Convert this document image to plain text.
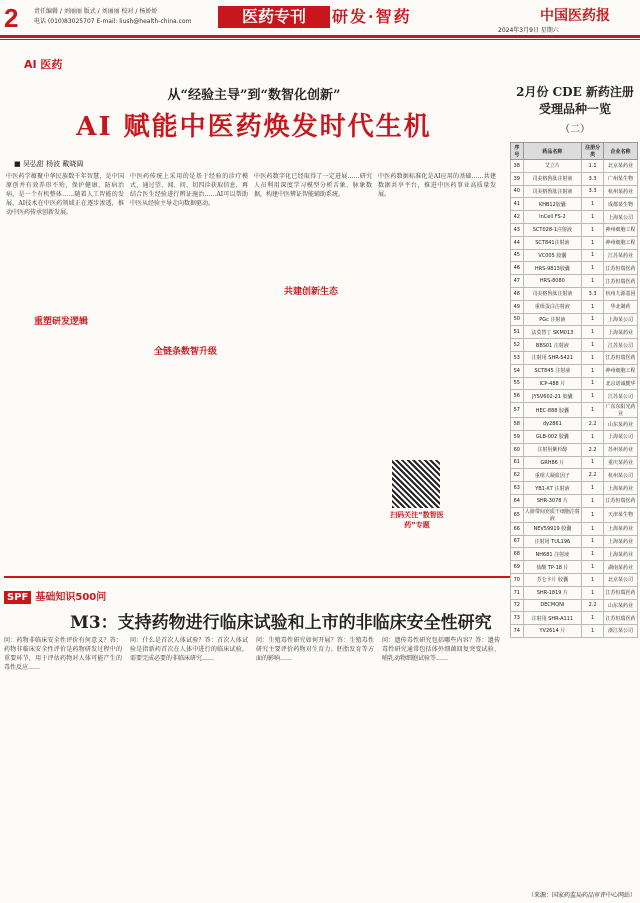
2	责任编辑 / 刘丽丽 版式 / 刘丽丽 校对 / 杨娇娇
电话 (010)83025707 E-mail: liush@health-china.com	医药专刊	研发·智药	中国医药报
2024年3月9日 星期六
AI 医药
从“经验主导”到“数智化创新”
AI 赋能中医药焕发时代生机
■ 吴弘甜 杨波 戴晓阔
中医药学蕴聚中华民族数千年智慧，是中国原创并有效养形不殆，保护健康、防病治病，是一个有机整体……随着人工智能的发展，AI技术在中医药领域正在逐步渗透，推动中医药传承创新发展。
重塑研发逻辑
中医药传统上采用的是基于经验的诊疗模式，通过望、闻、问、切四诊获取信息，再结合医生经验进行辨证施治……AI可以帮助中医从经验主导走向数据驱动。
全链条数智升级
中医药数字化已经取得了一定进展……研究人员利用深度学习模型分析舌象、脉象数据，构建中医辨证智能辅助系统。
共建创新生态
中医药数据标准化是AI应用的基础……共建数据共享平台，推进中医药事业高质量发展。
扫码关注“数智医药”专题
2月份 CDE 新药注册受理品种一览
（二）
序号	药品名称	注册分类	企业名称
38	艾立片	1.1	北京某药业
39	司美格鲁肽注射液	3.3	广州某生物
40	司美格鲁肽注射液	3.3	杭州某药业
41	KHB12胶囊	1	成都某生物
42	InCell FS-2	1	上海某公司
43	SCT028-1注射液	1	神州细胞工程
44	SCT841注射液	1	神州细胞工程
45	VC005 胶囊	1	江苏某药业
46	HRS-9813胶囊	1	江苏恒瑞医药
47	HRS-8080	1	江苏恒瑞医药
48	司美格鲁肽注射液	3.3	杭州九源基因
49	重组蛋白注射液	1	华北制药
50	PGc 注射液	1	上海某公司
51	法莫替丁 SKM013	1	上海某药业
52	BBS01 注射液	1	江苏某公司
53	注射用 SHR-5421	1	江苏恒瑞医药
54	SCT845 注射液	1	神州细胞工程
55	ICP-488 片	1	北京诺诚健华
56	JYSV602-21 胶囊	1	江苏某公司
57	HEC-888 胶囊	1	广东东阳光药业
58	dy2861	2.2	山东某药业
59	GLB-002 胶囊	1	上海某公司
60	注射用紫杉醇	2.2	苏州某药业
61	GRH86 片	1	重庆某药业
62	重组人凝血因子	2.2	杭州某公司
63	YB1-X7 注射液	1	上海某药业
64	SHR-3078 片	1	江苏恒瑞医药
65	人脐带间充质干细胞注射液	1	天津某生物
66	NEV59919 胶囊	1	上海某药业
67	注射用 TUL196	1	上海某药业
68	NH681 注射液	1	上海某药业
69	盐酸 TP-18 片	1	湖南某药业
70	芳仑卡片 胶囊	1	北京某公司
71	SHR-1819 片	1	江苏恒瑞医药
72	DECMQNI	2.2	山东某药业
73	注射用 SHR-A111	1	江苏恒瑞医药
74	YV2614 片	1	浙江某公司
SPF 基础知识500问
M3：支持药物进行临床试验和上市的非临床安全性研究
问：药物非临床安全性评价有何意义？答：药物非临床安全性评价是药物研发过程中的重要环节，用于评估药物对人体可能产生的毒性反应……
问：什么是首次人体试验？答：首次人体试验是指新药首次在人体中进行的临床试验，需要完成必要的非临床研究……
问：生殖毒性研究如何开展？答：生殖毒性研究主要评价药物对生育力、胚胎发育等方面的影响……
问：遗传毒性研究包括哪些内容？答：遗传毒性研究通常包括体外细菌回复突变试验、哺乳动物细胞试验等……
（来源：国家药监局药品审评中心网站）
